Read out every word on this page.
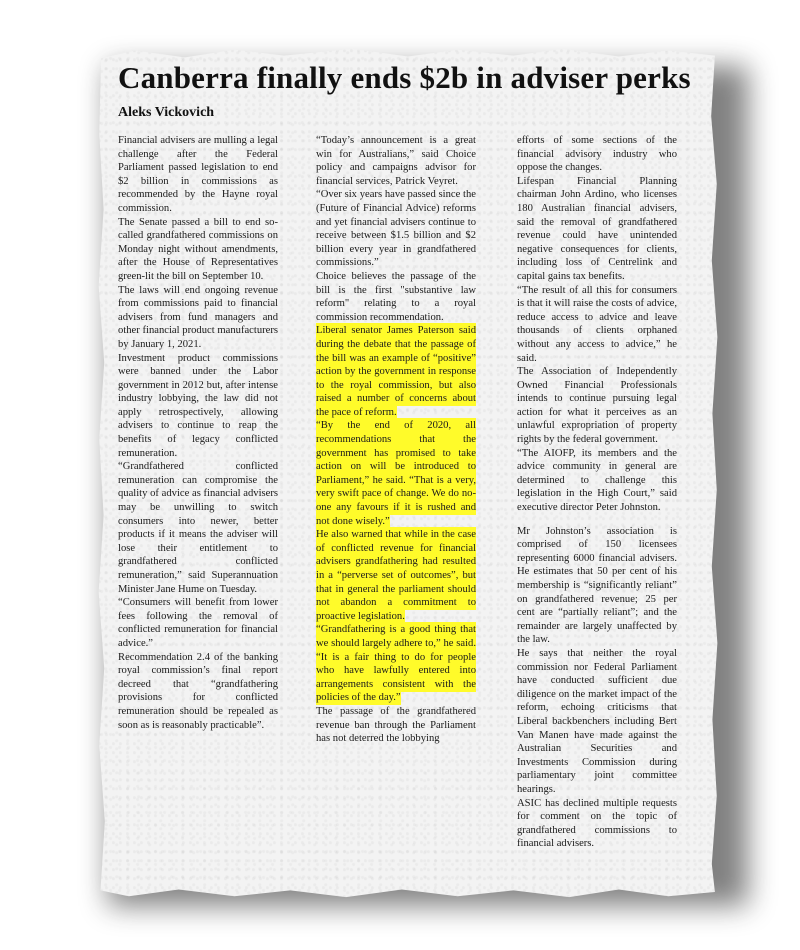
Canberra finally ends $2b in adviser perks
Aleks Vickovich

Financial advisers are mulling a legal challenge after the Federal Parliament passed legislation to end $2 billion in commissions as recommended by the Hayne royal commission.

The Senate passed a bill to end so-called grandfathered commissions on Monday night without amendments, after the House of Representatives green-lit the bill on September 10.

The laws will end ongoing revenue from commissions paid to financial advisers from fund managers and other financial product manufacturers by January 1, 2021.

Investment product commissions were banned under the Labor government in 2012 but, after intense industry lobbying, the law did not apply retrospectively, allowing advisers to continue to reap the benefits of legacy conflicted remuneration.

“Grandfathered conflicted remuneration can compromise the quality of advice as financial advisers may be unwilling to switch consumers into newer, better products if it means the adviser will lose their entitlement to grandfathered conflicted remuneration,” said Superannuation Minister Jane Hume on Tuesday.

“Consumers will benefit from lower fees following the removal of conflicted remuneration for financial advice.”

Recommendation 2.4 of the banking royal commission’s final report decreed that “grandfathering provisions for conflicted remuneration should be repealed as soon as is reasonably practicable”.

“Today’s announcement is a great win for Australians,” said Choice policy and campaigns advisor for financial services, Patrick Veyret.

“Over six years have passed since the (Future of Financial Advice) reforms and yet financial advisers continue to receive between $1.5 billion and $2 billion every year in grandfathered commissions.”

Choice believes the passage of the bill is the first "substantive law reform" relating to a royal commission recommendation.

Liberal senator James Paterson said during the debate that the passage of the bill was an example of “positive” action by the government in response to the royal commission, but also raised a number of concerns about the pace of reform.

“By the end of 2020, all recommendations that the government has promised to take action on will be introduced to Parliament,” he said. “That is a very, very swift pace of change. We do no-one any favours if it is rushed and not done wisely.”

He also warned that while in the case of conflicted revenue for financial advisers grandfathering had resulted in a “perverse set of outcomes”, but that in general the parliament should not abandon a commitment to proactive legislation.

“Grandfathering is a good thing that we should largely adhere to,” he said. “It is a fair thing to do for people who have lawfully entered into arrangements consistent with the policies of the day.”

The passage of the grandfathered revenue ban through the Parliament has not deterred the lobbying

efforts of some sections of the financial advisory industry who oppose the changes.

Lifespan Financial Planning chairman John Ardino, who licenses 180 Australian financial advisers, said the removal of grandfathered revenue could have unintended negative consequences for clients, including loss of Centrelink and capital gains tax benefits.

“The result of all this for consumers is that it will raise the costs of advice, reduce access to advice and leave thousands of clients orphaned without any access to advice,” he said.

The Association of Independently Owned Financial Professionals intends to continue pursuing legal action for what it perceives as an unlawful expropriation of property rights by the federal government.

“The AIOFP, its members and the advice community in general are determined to challenge this legislation in the High Court,” said executive director Peter Johnston.

Mr Johnston’s association is comprised of 150 licensees representing 6000 financial advisers. He estimates that 50 per cent of his membership is “significantly reliant” on grandfathered revenue; 25 per cent are “partially reliant”; and the remainder are largely unaffected by the law.

He says that neither the royal commission nor Federal Parliament have conducted sufficient due diligence on the market impact of the reform, echoing criticisms that Liberal backbenchers including Bert Van Manen have made against the Australian Securities and Investments Commission during parliamentary joint committee hearings.

ASIC has declined multiple requests for comment on the topic of grandfathered commissions to financial advisers.
